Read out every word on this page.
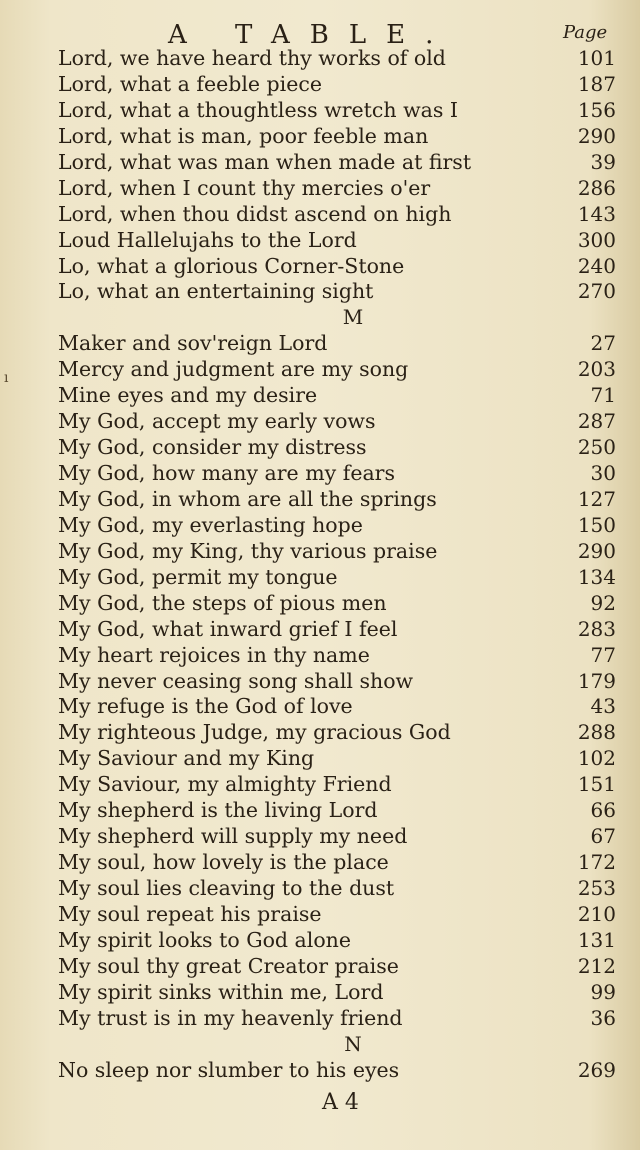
A TABLE.	Page
ı
Lord, we have heard thy works of old	101
Lord, what a feeble piece	187
Lord, what a thoughtless wretch was I	156
Lord, what is man, poor feeble man	290
Lord, what was man when made at first	39
Lord, when I count thy mercies o'er	286
Lord, when thou didst ascend on high	143
Loud Hallelujahs to the Lord	300
Lo, what a glorious Corner-Stone	240
Lo, what an entertaining sight	270
M
Maker and sov'reign Lord	27
Mercy and judgment are my song	203
Mine eyes and my desire	71
My God, accept my early vows	287
My God, consider my distress	250
My God, how many are my fears	30
My God, in whom are all the springs	127
My God, my everlasting hope	150
My God, my King, thy various praise	290
My God, permit my tongue	134
My God, the steps of pious men	92
My God, what inward grief I feel	283
My heart rejoices in thy name	77
My never ceasing song shall show	179
My refuge is the God of love	43
My righteous Judge, my gracious God	288
My Saviour and my King	102
My Saviour, my almighty Friend	151
My shepherd is the living Lord	66
My shepherd will supply my need	67
My soul, how lovely is the place	172
My soul lies cleaving to the dust	253
My soul repeat his praise	210
My spirit looks to God alone	131
My soul thy great Creator praise	212
My spirit sinks within me, Lord	99
My trust is in my heavenly friend	36
N
No sleep nor slumber to his eyes	269
A 4
